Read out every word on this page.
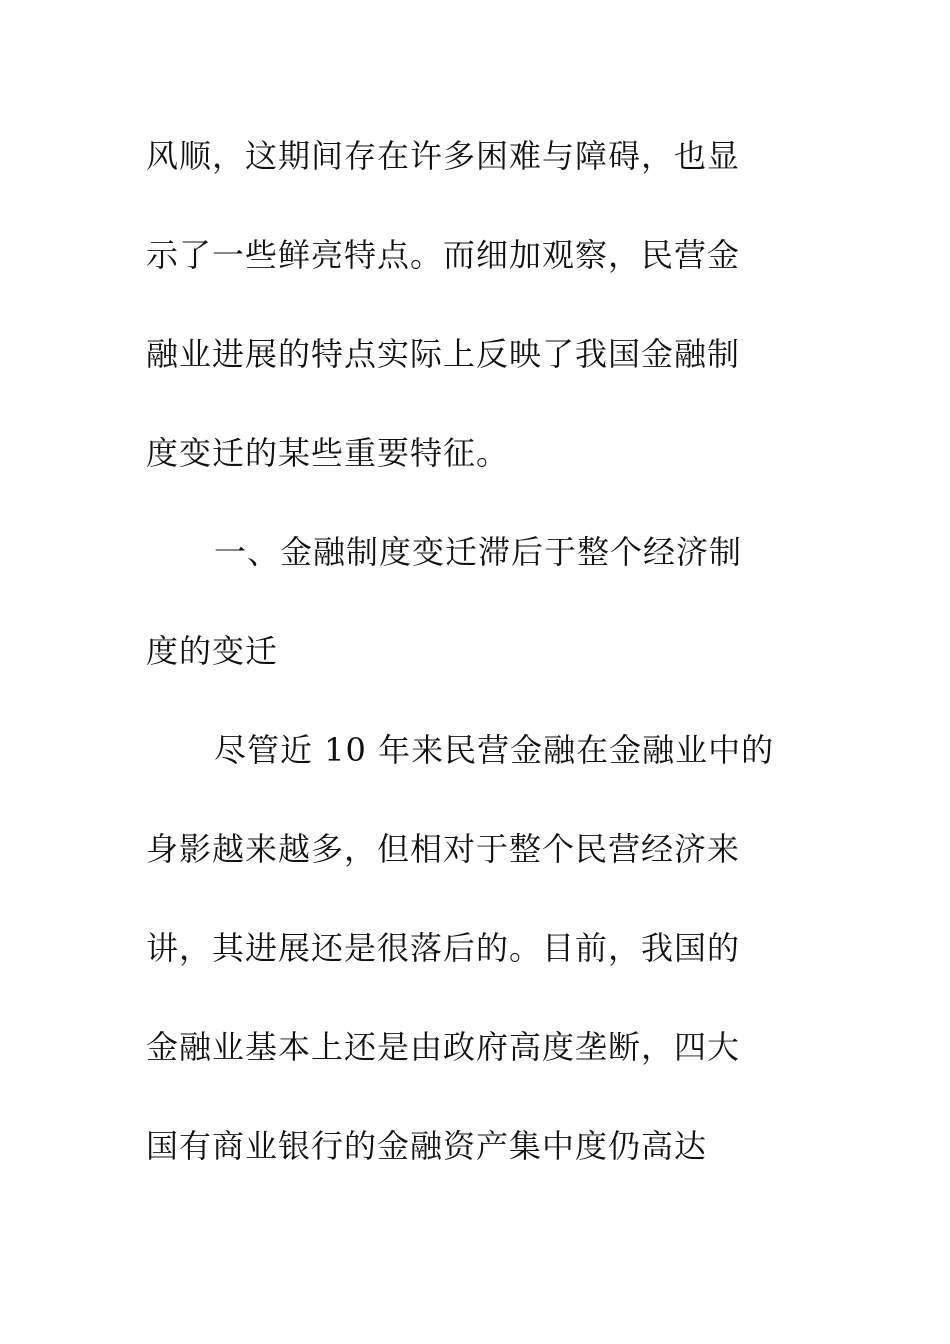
风顺，这期间存在许多困难与障碍，也显

示了一些鲜亮特点。而细加观察，民营金

融业进展的特点实际上反映了我国金融制

度变迁的某些重要特征。

一、金融制度变迁滞后于整个经济制

度的变迁

尽管近 10 年来民营金融在金融业中的

身影越来越多，但相对于整个民营经济来

讲，其进展还是很落后的。目前，我国的

金融业基本上还是由政府高度垄断，四大

国有商业银行的金融资产集中度仍高达
